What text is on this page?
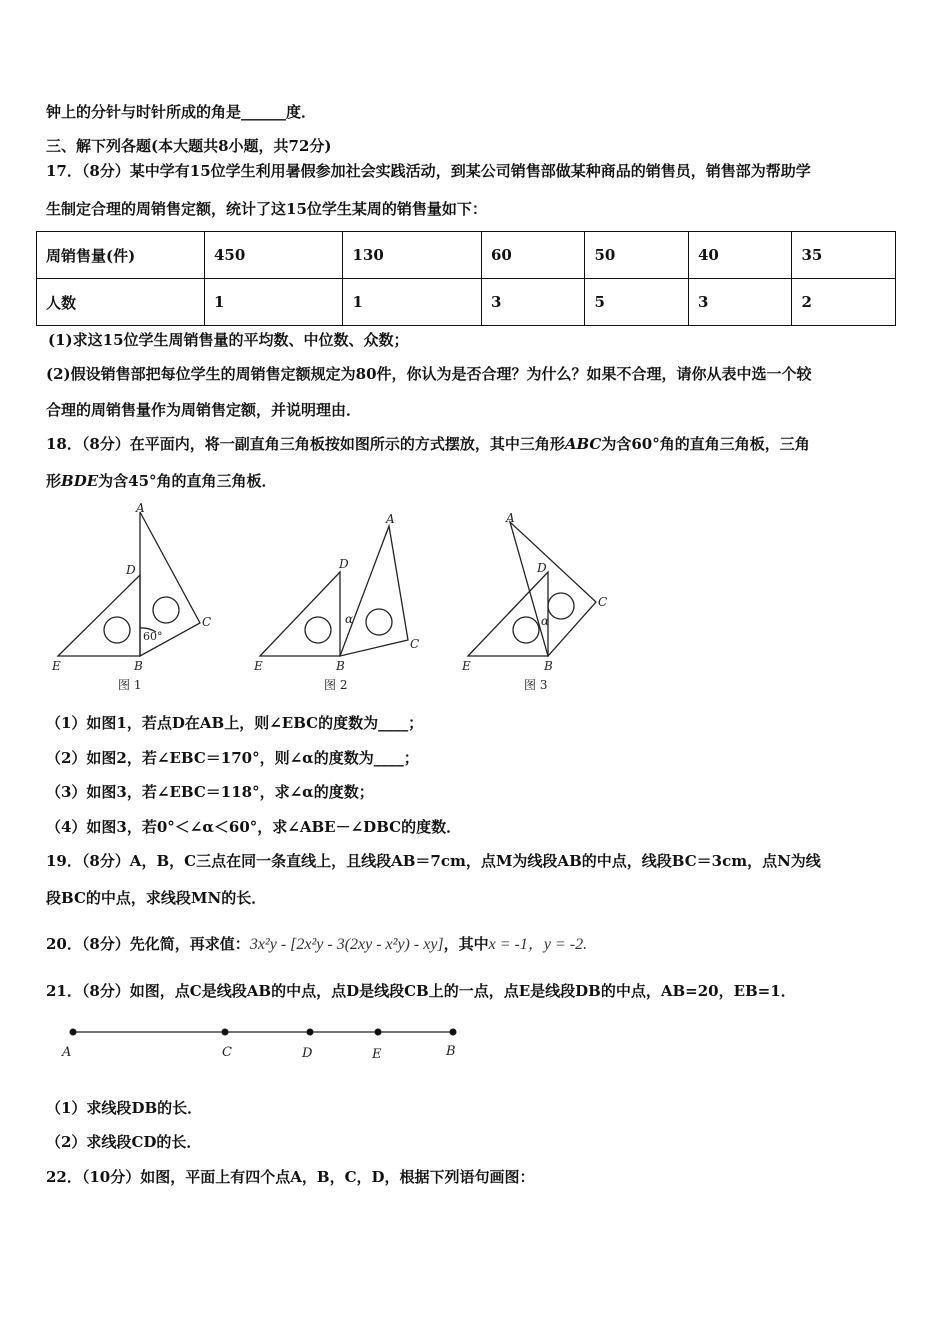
钟上的分针与时针所成的角是______度．
三、解下列各题(本大题共8小题，共72分)
17．（8分）某中学有15位学生利用暑假参加社会实践活动，到某公司销售部做某种商品的销售员，销售部为帮助学
生制定合理的周销售定额，统计了这15位学生某周的销售量如下：
周销售量(件)	450	130	60	50	40	35
人数	1	1	3	5	3	2
(1)求这15位学生周销售量的平均数、中位数、众数；
(2)假设销售部把每位学生的周销售定额规定为80件，你认为是否合理？为什么？如果不合理，请你从表中选一个较
合理的周销售量作为周销售定额，并说明理由．
18．（8分）在平面内，将一副直角三角板按如图所示的方式摆放，其中三角形ABC为含60°角的直角三角板，三角
形BDE为含45°角的直角三角板．
A
D
C
E	B
60°
图 1
A
D
C
E	B
α
图 2
A
D
C
E	B
α
图 3
（1）如图1，若点D在AB上，则∠EBC的度数为____；
（2）如图2，若∠EBC＝170°，则∠α的度数为____；
（3）如图3，若∠EBC＝118°，求∠α的度数；
（4）如图3，若0°＜∠α＜60°，求∠ABE－∠DBC的度数．
19．（8分）A，B，C三点在同一条直线上，且线段AB＝7cm，点M为线段AB的中点，线段BC＝3cm，点N为线
段BC的中点，求线段MN的长．
20．（8分）先化简，再求值：3x²y - [2x²y - 3(2xy - x²y) - xy]，其中x = -1，y = -2.
21．（8分）如图，点C是线段AB的中点，点D是线段CB上的一点，点E是线段DB的中点，AB=20，EB=1．
A	C	D	E	B
（1）求线段DB的长．
（2）求线段CD的长．
22．（10分）如图，平面上有四个点A，B，C，D，根据下列语句画图：
